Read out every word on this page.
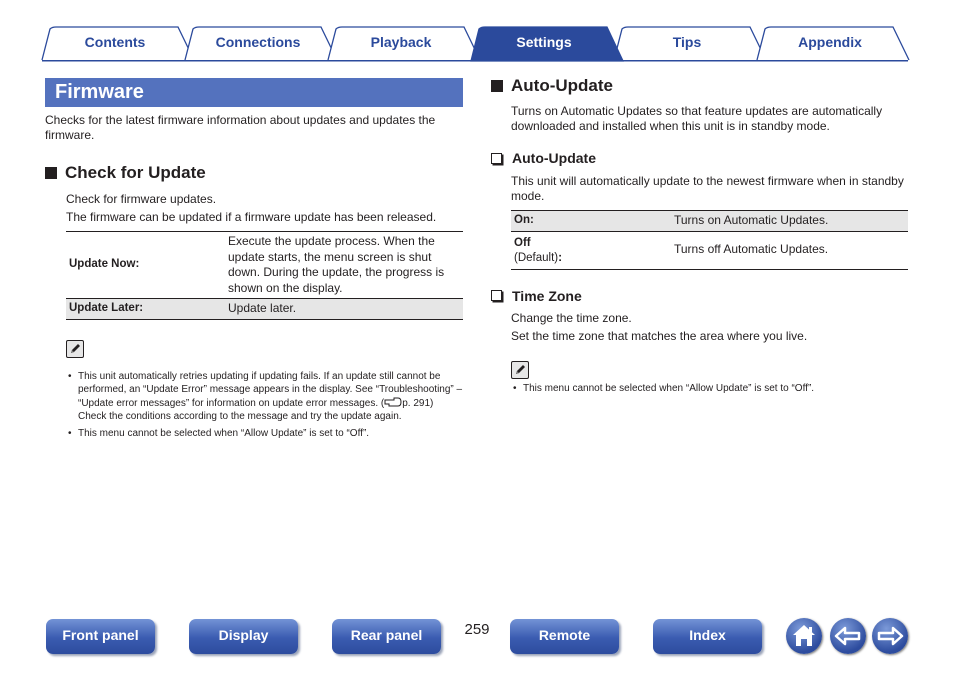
Contents	Connections	Playback	Settings	Tips	Appendix
Firmware

Checks for the latest firmware information about updates and updates the firmware.

Check for Update

Check for firmware updates.

The firmware can be updated if a firmware update has been released.

Update Now:	Execute the update process. When the update starts, the menu screen is shut down. During the update, the progress is shown on the display.
Update Later:	Update later.
• This unit automatically retries updating if updating fails. If an update still cannot be performed, an “Update Error” message appears in the display. See “Troubleshooting” – “Update error messages” for information on update error messages. ( p. 291)
Check the conditions according to the message and try the update again.
• This menu cannot be selected when “Allow Update” is set to “Off”.
Auto-Update

Turns on Automatic Updates so that feature updates are automatically downloaded and installed when this unit is in standby mode.

Auto-Update

This unit will automatically update to the newest firmware when in standby mode.

On:	Turns on Automatic Updates.
Off
(Default):	Turns off Automatic Updates.
Time Zone

Change the time zone.

Set the time zone that matches the area where you live.

• This menu cannot be selected when “Allow Update” is set to “Off”.
Front panel	Display	Rear panel	259	Remote	Index
